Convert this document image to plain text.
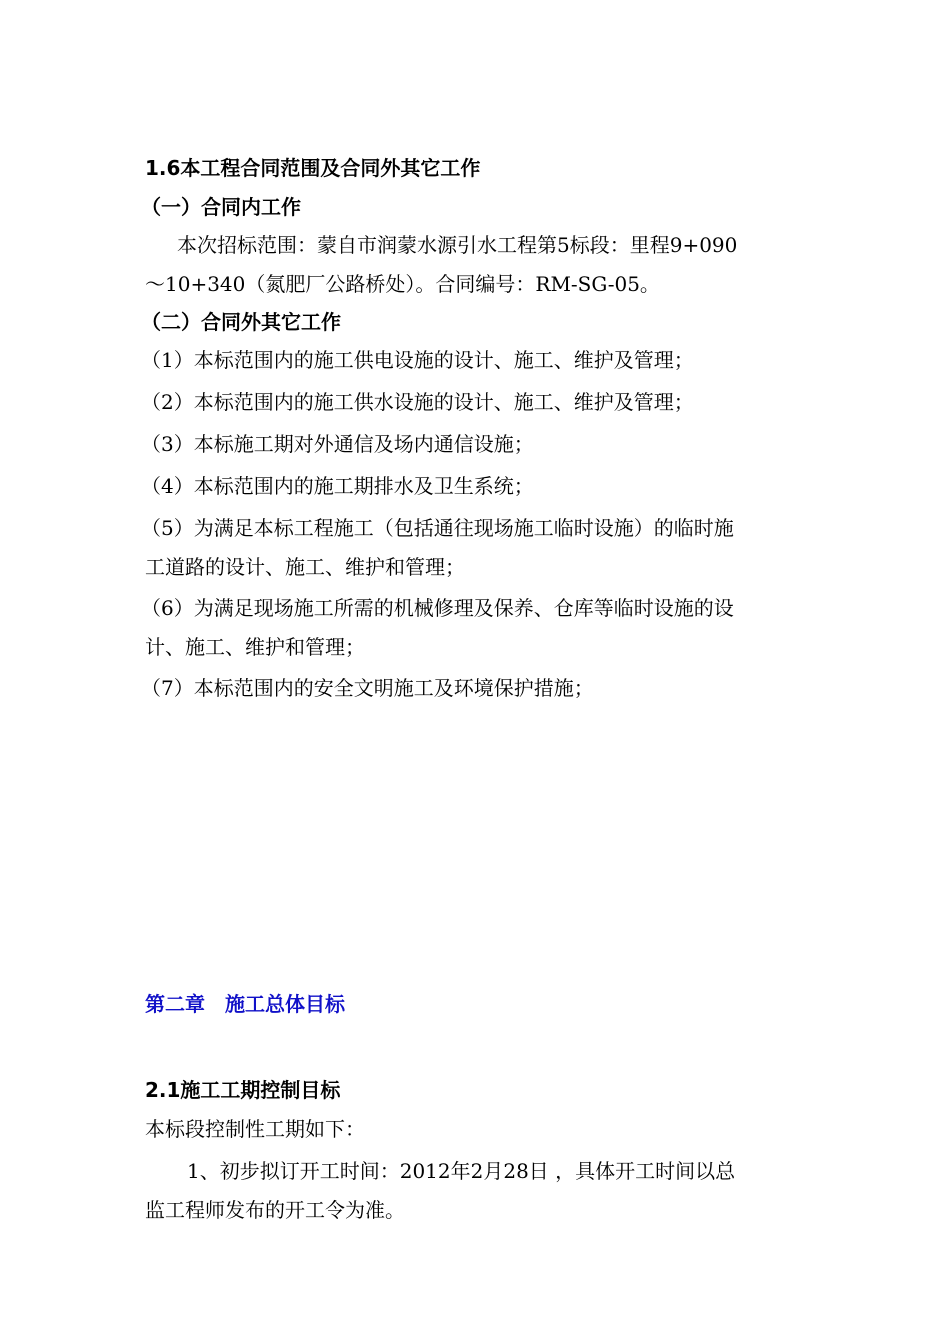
1.6本工程合同范围及合同外其它工作
（一）合同内工作
本次招标范围：蒙自市润蒙水源引水工程第5标段：里程9+090
～10+340（氮肥厂公路桥处）。合同编号：RM-SG-05。
（二）合同外其它工作
（1）本标范围内的施工供电设施的设计、施工、维护及管理；
（2）本标范围内的施工供水设施的设计、施工、维护及管理；
（3）本标施工期对外通信及场内通信设施；
（4）本标范围内的施工期排水及卫生系统；
（5）为满足本标工程施工（包括通往现场施工临时设施）的临时施
工道路的设计、施工、维护和管理；
（6）为满足现场施工所需的机械修理及保养、仓库等临时设施的设
计、施工、维护和管理；
（7）本标范围内的安全文明施工及环境保护措施；
第二章　施工总体目标
2.1施工工期控制目标
本标段控制性工期如下：
1、初步拟订开工时间：2012年2月28日 ，具体开工时间以总
监工程师发布的开工令为准。
